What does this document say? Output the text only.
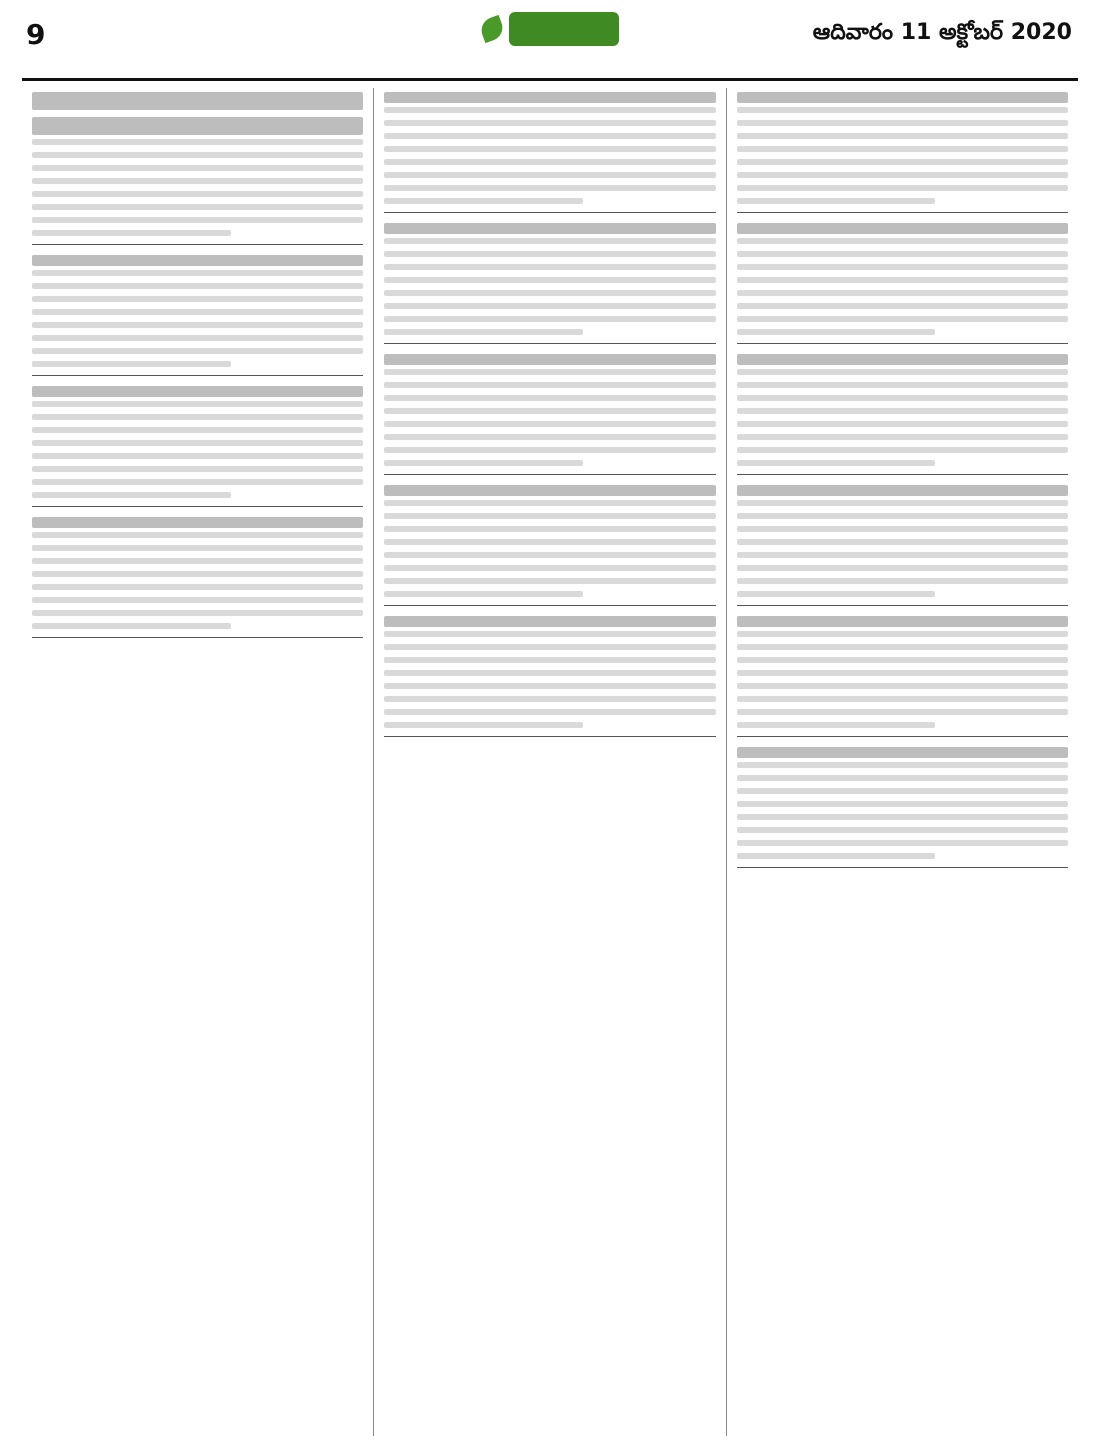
9	ఆదివారం 11 అక్టోబర్ 2020
